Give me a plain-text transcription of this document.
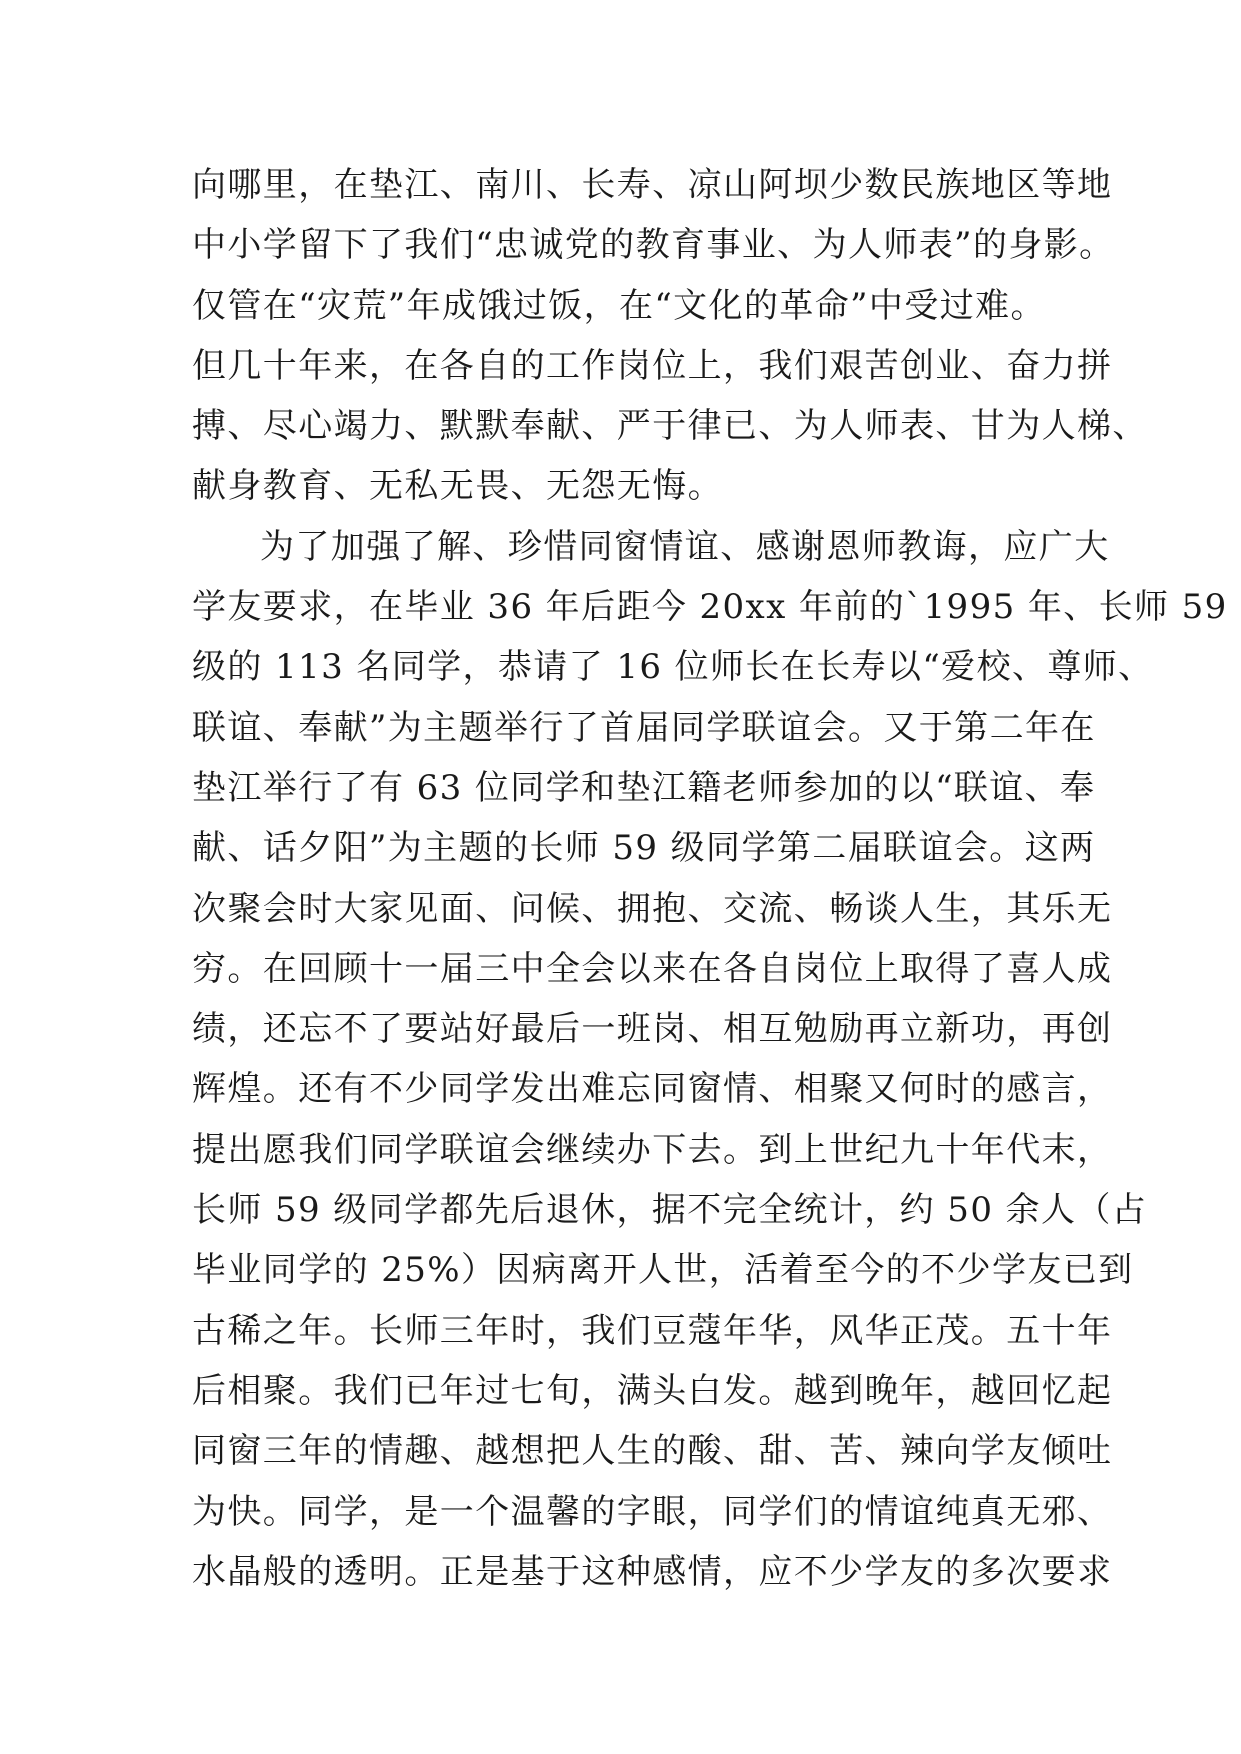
向哪里，在垫江、南川、长寿、凉山阿坝少数民族地区等地
中小学留下了我们“忠诚党的教育事业、为人师表”的身影。
仅管在“灾荒”年成饿过饭，在“文化的革命”中受过难。
但几十年来，在各自的工作岗位上，我们艰苦创业、奋力拼
搏、尽心竭力、默默奉献、严于律已、为人师表、甘为人梯、
献身教育、无私无畏、无怨无悔。
为了加强了解、珍惜同窗情谊、感谢恩师教诲，应广大
学友要求，在毕业 36 年后距今 20xx 年前的`1995 年、长师 59
级的 113 名同学，恭请了 16 位师长在长寿以“爱校、尊师、
联谊、奉献”为主题举行了首届同学联谊会。又于第二年在
垫江举行了有 63 位同学和垫江籍老师参加的以“联谊、奉
献、话夕阳”为主题的长师 59 级同学第二届联谊会。这两
次聚会时大家见面、问候、拥抱、交流、畅谈人生，其乐无
穷。在回顾十一届三中全会以来在各自岗位上取得了喜人成
绩，还忘不了要站好最后一班岗、相互勉励再立新功，再创
辉煌。还有不少同学发出难忘同窗情、相聚又何时的感言，
提出愿我们同学联谊会继续办下去。到上世纪九十年代末，
长师 59 级同学都先后退休，据不完全统计，约 50 余人（占
毕业同学的 25%）因病离开人世，活着至今的不少学友已到
古稀之年。长师三年时，我们豆蔻年华，风华正茂。五十年
后相聚。我们已年过七旬，满头白发。越到晚年，越回忆起
同窗三年的情趣、越想把人生的酸、甜、苦、辣向学友倾吐
为快。同学，是一个温馨的字眼，同学们的情谊纯真无邪、
水晶般的透明。正是基于这种感情，应不少学友的多次要求
